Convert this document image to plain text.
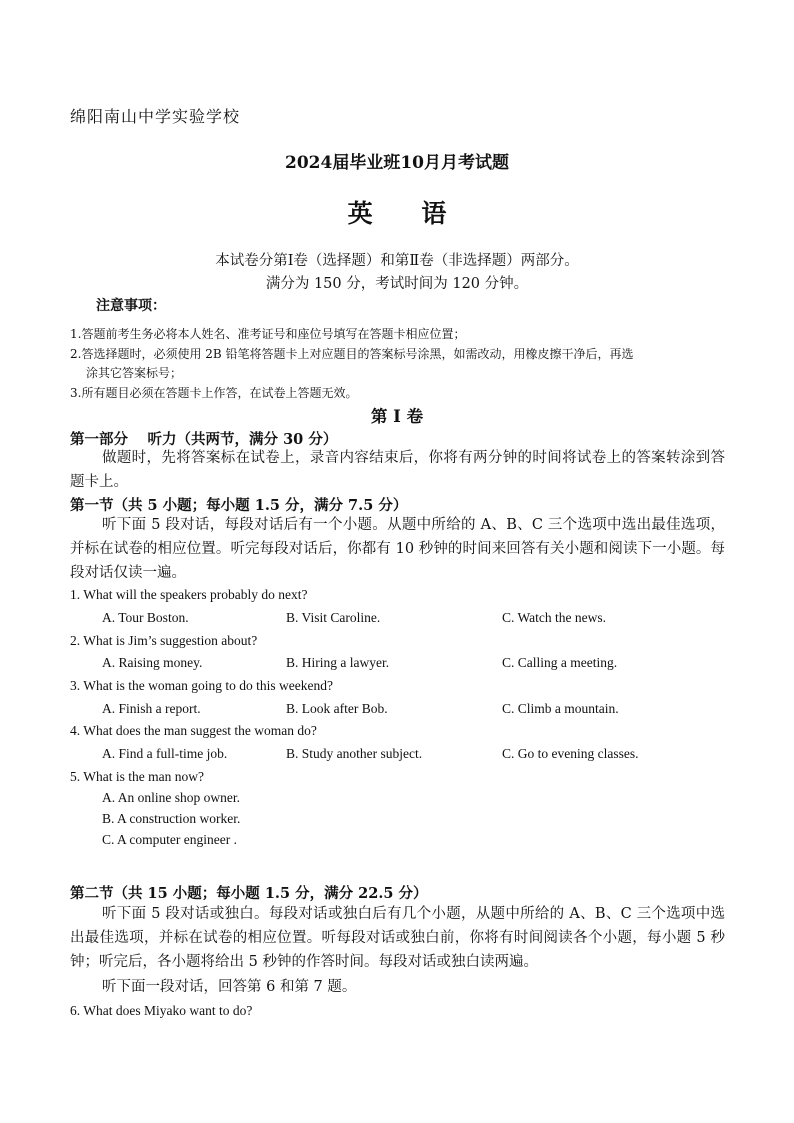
绵阳南山中学实验学校
2024届毕业班10月月考试题
英 语
本试卷分第Ⅰ卷（选择题）和第Ⅱ卷（非选择题）两部分。
满分为 150 分，考试时间为 120 分钟。
注意事项：
1.答题前考生务必将本人姓名、准考证号和座位号填写在答题卡相应位置；
2.答选择题时，必须使用 2B 铅笔将答题卡上对应题目的答案标号涂黑，如需改动，用橡皮擦干净后，再选
涂其它答案标号；
3.所有题目必须在答题卡上作答，在试卷上答题无效。
第 I 卷
第一部分　 听力（共两节，满分 30 分）
做题时，先将答案标在试卷上，录音内容结束后，你将有两分钟的时间将试卷上的答案转涂到答题卡上。
第一节（共 5 小题；每小题 1.5 分，满分 7.5 分）
听下面 5 段对话，每段对话后有一个小题。从题中所给的 A、B、C 三个选项中选出最佳选项，并标在试卷的相应位置。听完每段对话后，你都有 10 秒钟的时间来回答有关小题和阅读下一小题。每段对话仅读一遍。
1. What will the speakers probably do next?
A. Tour Boston.	B. Visit Caroline.	C. Watch the news.
2. What is Jim’s suggestion about?
A. Raising money.	B. Hiring a lawyer.	C. Calling a meeting.
3. What is the woman going to do this weekend?
A. Finish a report.	B. Look after Bob.	C. Climb a mountain.
4. What does the man suggest the woman do?
A. Find a full-time job.	B. Study another subject.	C. Go to evening classes.
5. What is the man now?
A. An online shop owner.
B. A construction worker.
C. A computer engineer .
第二节（共 15 小题；每小题 1.5 分，满分 22.5 分）
听下面 5 段对话或独白。每段对话或独白后有几个小题，从题中所给的 A、B、C 三个选项中选出最佳选项，并标在试卷的相应位置。听每段对话或独白前，你将有时间阅读各个小题，每小题 5 秒钟；听完后，各小题将给出 5 秒钟的作答时间。每段对话或独白读两遍。
听下面一段对话，回答第 6 和第 7 题。
6. What does Miyako want to do?
